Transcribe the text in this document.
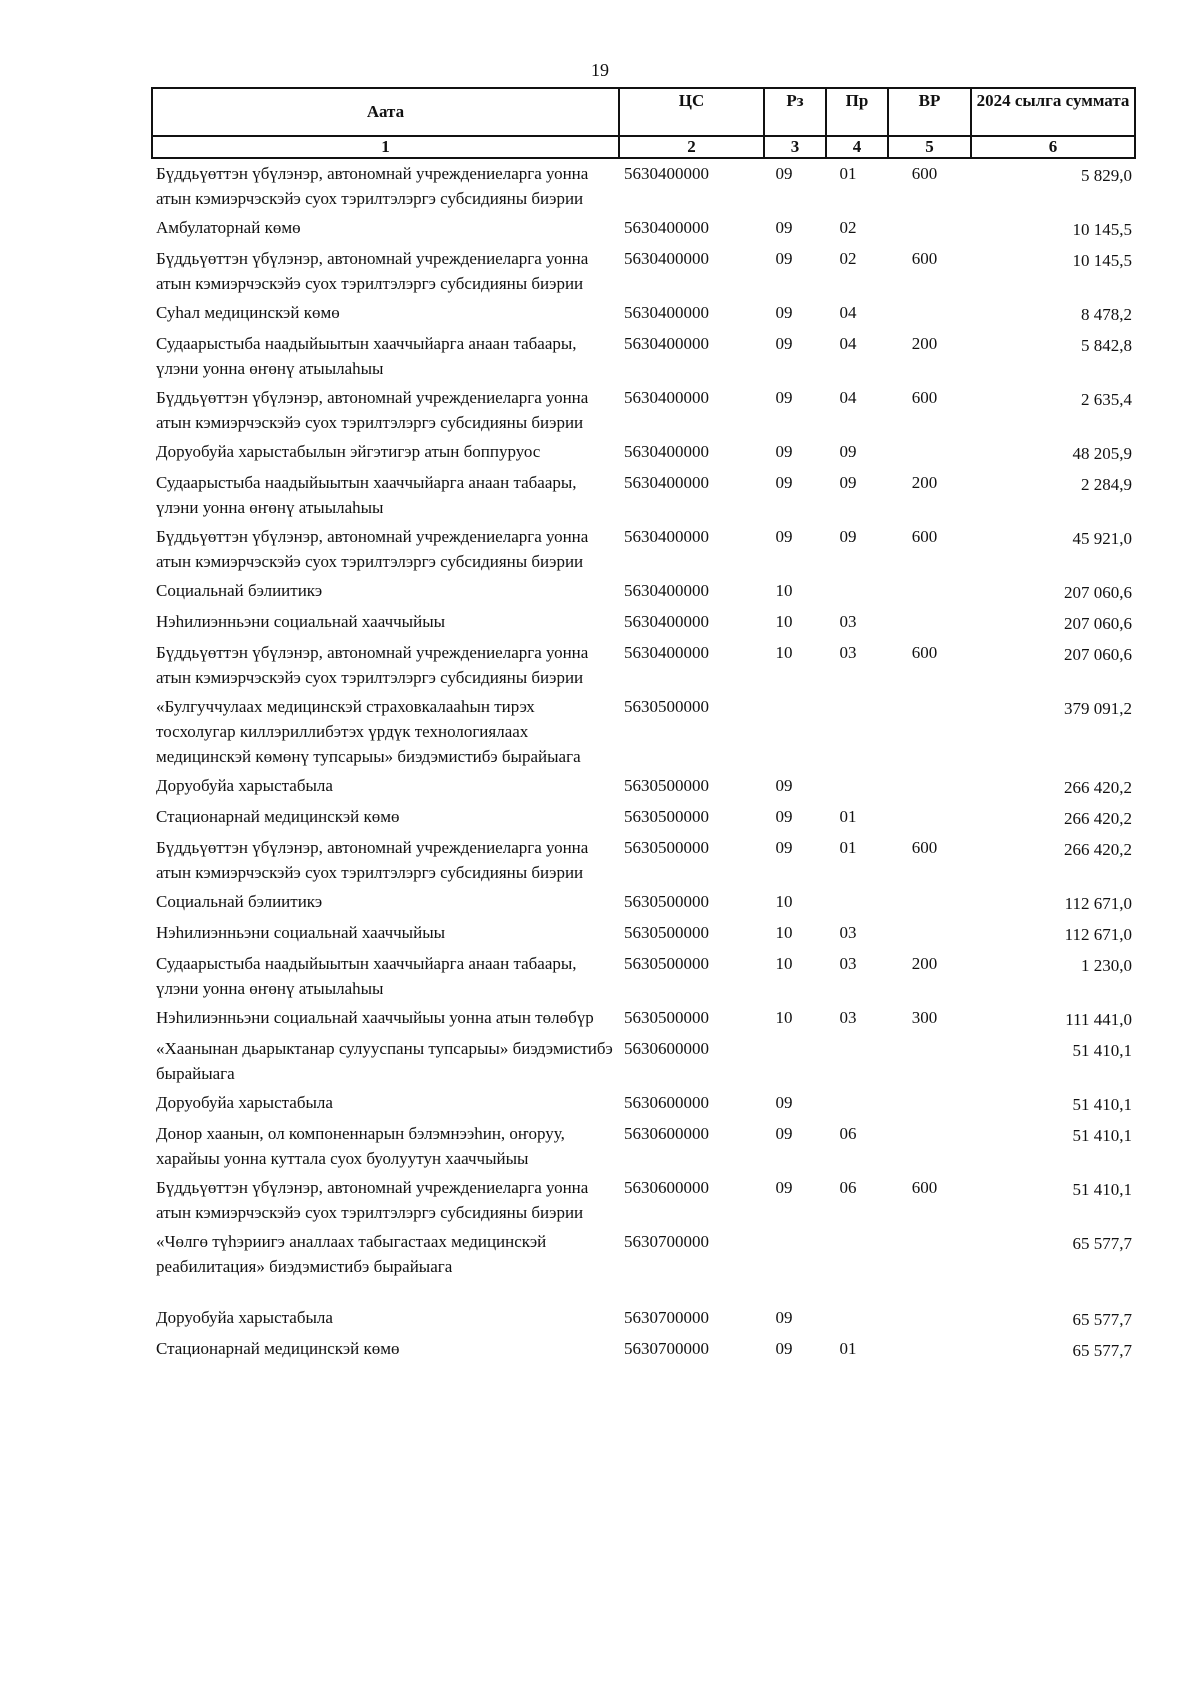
19
Аата	ЦС	Рз	Пр	ВР	2024 сылга суммата
1	2	3	4	5	6
Бүддьүөттэн үбүлэнэр, автономнай учреждениеларга уонна атын кэмиэрчэскэйэ суох тэрилтэлэргэ субсидияны биэрии	5630400000	09	01	600	5 829,0
Амбулаторнай көмө	5630400000	09	02		10 145,5
Бүддьүөттэн үбүлэнэр, автономнай учреждениеларга уонна атын кэмиэрчэскэйэ суох тэрилтэлэргэ субсидияны биэрии	5630400000	09	02	600	10 145,5
Суһал медицинскэй көмө	5630400000	09	04		8 478,2
Судаарыстыба наадыйыытын хааччыйарга анаан табаары, үлэни уонна өҥөнү атыылаһыы	5630400000	09	04	200	5 842,8
Бүддьүөттэн үбүлэнэр, автономнай учреждениеларга уонна атын кэмиэрчэскэйэ суох тэрилтэлэргэ субсидияны биэрии	5630400000	09	04	600	2 635,4
Доруобуйа харыстабылын эйгэтигэр атын боппуруос	5630400000	09	09		48 205,9
Судаарыстыба наадыйыытын хааччыйарга анаан табаары, үлэни уонна өҥөнү атыылаһыы	5630400000	09	09	200	2 284,9
Бүддьүөттэн үбүлэнэр, автономнай учреждениеларга уонна атын кэмиэрчэскэйэ суох тэрилтэлэргэ субсидияны биэрии	5630400000	09	09	600	45 921,0
Социальнай бэлиитикэ	5630400000	10			207 060,6
Нэһилиэнньэни социальнай хааччыйыы	5630400000	10	03		207 060,6
Бүддьүөттэн үбүлэнэр, автономнай учреждениеларга уонна атын кэмиэрчэскэйэ суох тэрилтэлэргэ субсидияны биэрии	5630400000	10	03	600	207 060,6
«Булгуччулаах медицинскэй страховкалааһын тирэх тосхолугар киллэриллибэтэх үрдүк технологиялаах медицинскэй көмөнү тупсарыы» биэдэмистибэ бырайыага	5630500000				379 091,2
Доруобуйа харыстабыла	5630500000	09			266 420,2
Стационарнай медицинскэй көмө	5630500000	09	01		266 420,2
Бүддьүөттэн үбүлэнэр, автономнай учреждениеларга уонна атын кэмиэрчэскэйэ суох тэрилтэлэргэ субсидияны биэрии	5630500000	09	01	600	266 420,2
Социальнай бэлиитикэ	5630500000	10			112 671,0
Нэһилиэнньэни социальнай хааччыйыы	5630500000	10	03		112 671,0
Судаарыстыба наадыйыытын хааччыйарга анаан табаары, үлэни уонна өҥөнү атыылаһыы	5630500000	10	03	200	1 230,0
Нэһилиэнньэни социальнай хааччыйыы уонна атын төлөбүр	5630500000	10	03	300	111 441,0
«Хаанынан дьарыктанар сулууспаны тупсарыы» биэдэмистибэ бырайыага	5630600000				51 410,1
Доруобуйа харыстабыла	5630600000	09			51 410,1
Донор хаанын, ол компоненнарын бэлэмнээһин, оҥоруу, харайыы уонна куттала суох буолуутун хааччыйыы	5630600000	09	06		51 410,1
Бүддьүөттэн үбүлэнэр, автономнай учреждениеларга уонна атын кэмиэрчэскэйэ суох тэрилтэлэргэ субсидияны биэрии	5630600000	09	06	600	51 410,1
«Чөлгө түһэриигэ аналлаах табыгастаах медицинскэй реабилитация» биэдэмистибэ бырайыага	5630700000				65 577,7
Доруобуйа харыстабыла	5630700000	09			65 577,7
Стационарнай медицинскэй көмө	5630700000	09	01		65 577,7
